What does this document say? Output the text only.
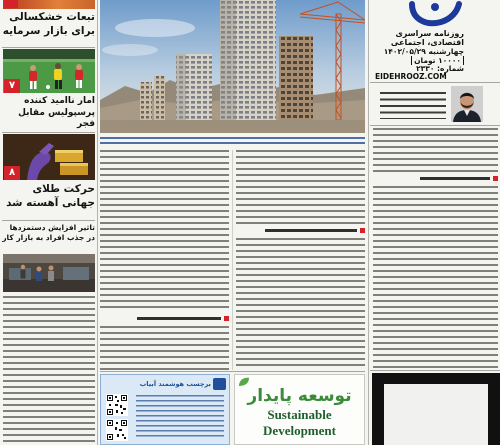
تبعات خشکسالی برای بازار سرمایه
۷
آمار ناامید کننده پرسپولیس مقابل فجر
۸
حرکت طلای جهانی آهسته شد
تاثیر افزایش دستمزدها در جذب افراد به بازار کار
برچسب هوشمند آبیاب
توسعه پایدار
Sustainable
Development
روزنامه سراسری
اقتصادی، اجتماعی
چهارشنبه ۱۴۰۲/۰۵/۲۹
۱۰۰۰۰ تومان
شماره: ۲۳۳۰
EIDEHROOZ.COM
